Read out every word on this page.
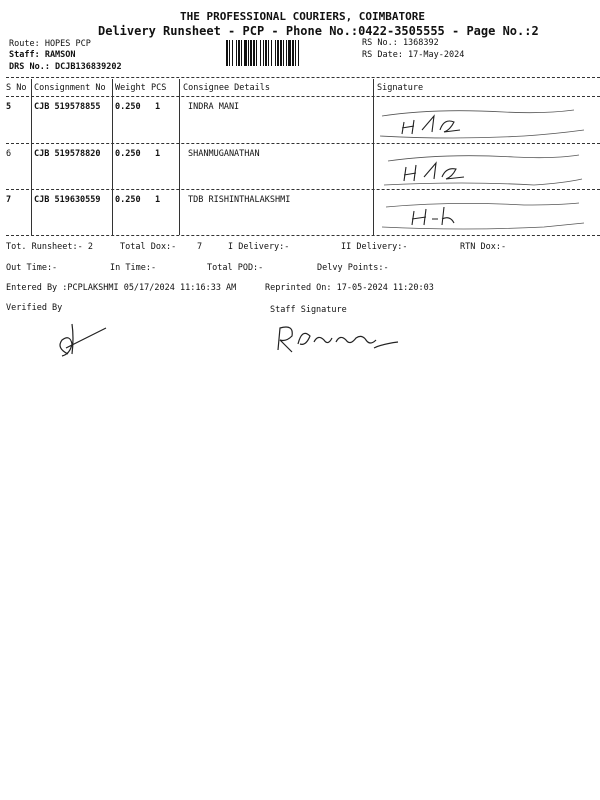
THE PROFESSIONAL COURIERS, COIMBATORE
Delivery Runsheet - PCP - Phone No.:0422-3505555 - Page No.:2
Route: HOPES PCP
Staff: RAMSON
DRS No.: DCJB136839202
RS No.: 1368392
RS Date: 17-May-2024
S No Consignment No Weight PCS Consignee Details	Signature
5	CJB 519578855 0.250 1	INDRA MANI
6	CJB 519578820 0.250 1	SHANMUGANATHAN
7	CJB 519630559 0.250 1	TDB RISHINTHALAKSHMI
Tot. Runsheet:- 2	Total Dox:- 7	I Delivery:-	II Delivery:-	RTN Dox:-
Out Time:-	In Time:-	Total POD:-	Delvy Points:-
Entered By :PCPLAKSHMI 05/17/2024 11:16:33 AM	Reprinted On: 17-05-2024 11:20:03
Verified By	Staff Signature
